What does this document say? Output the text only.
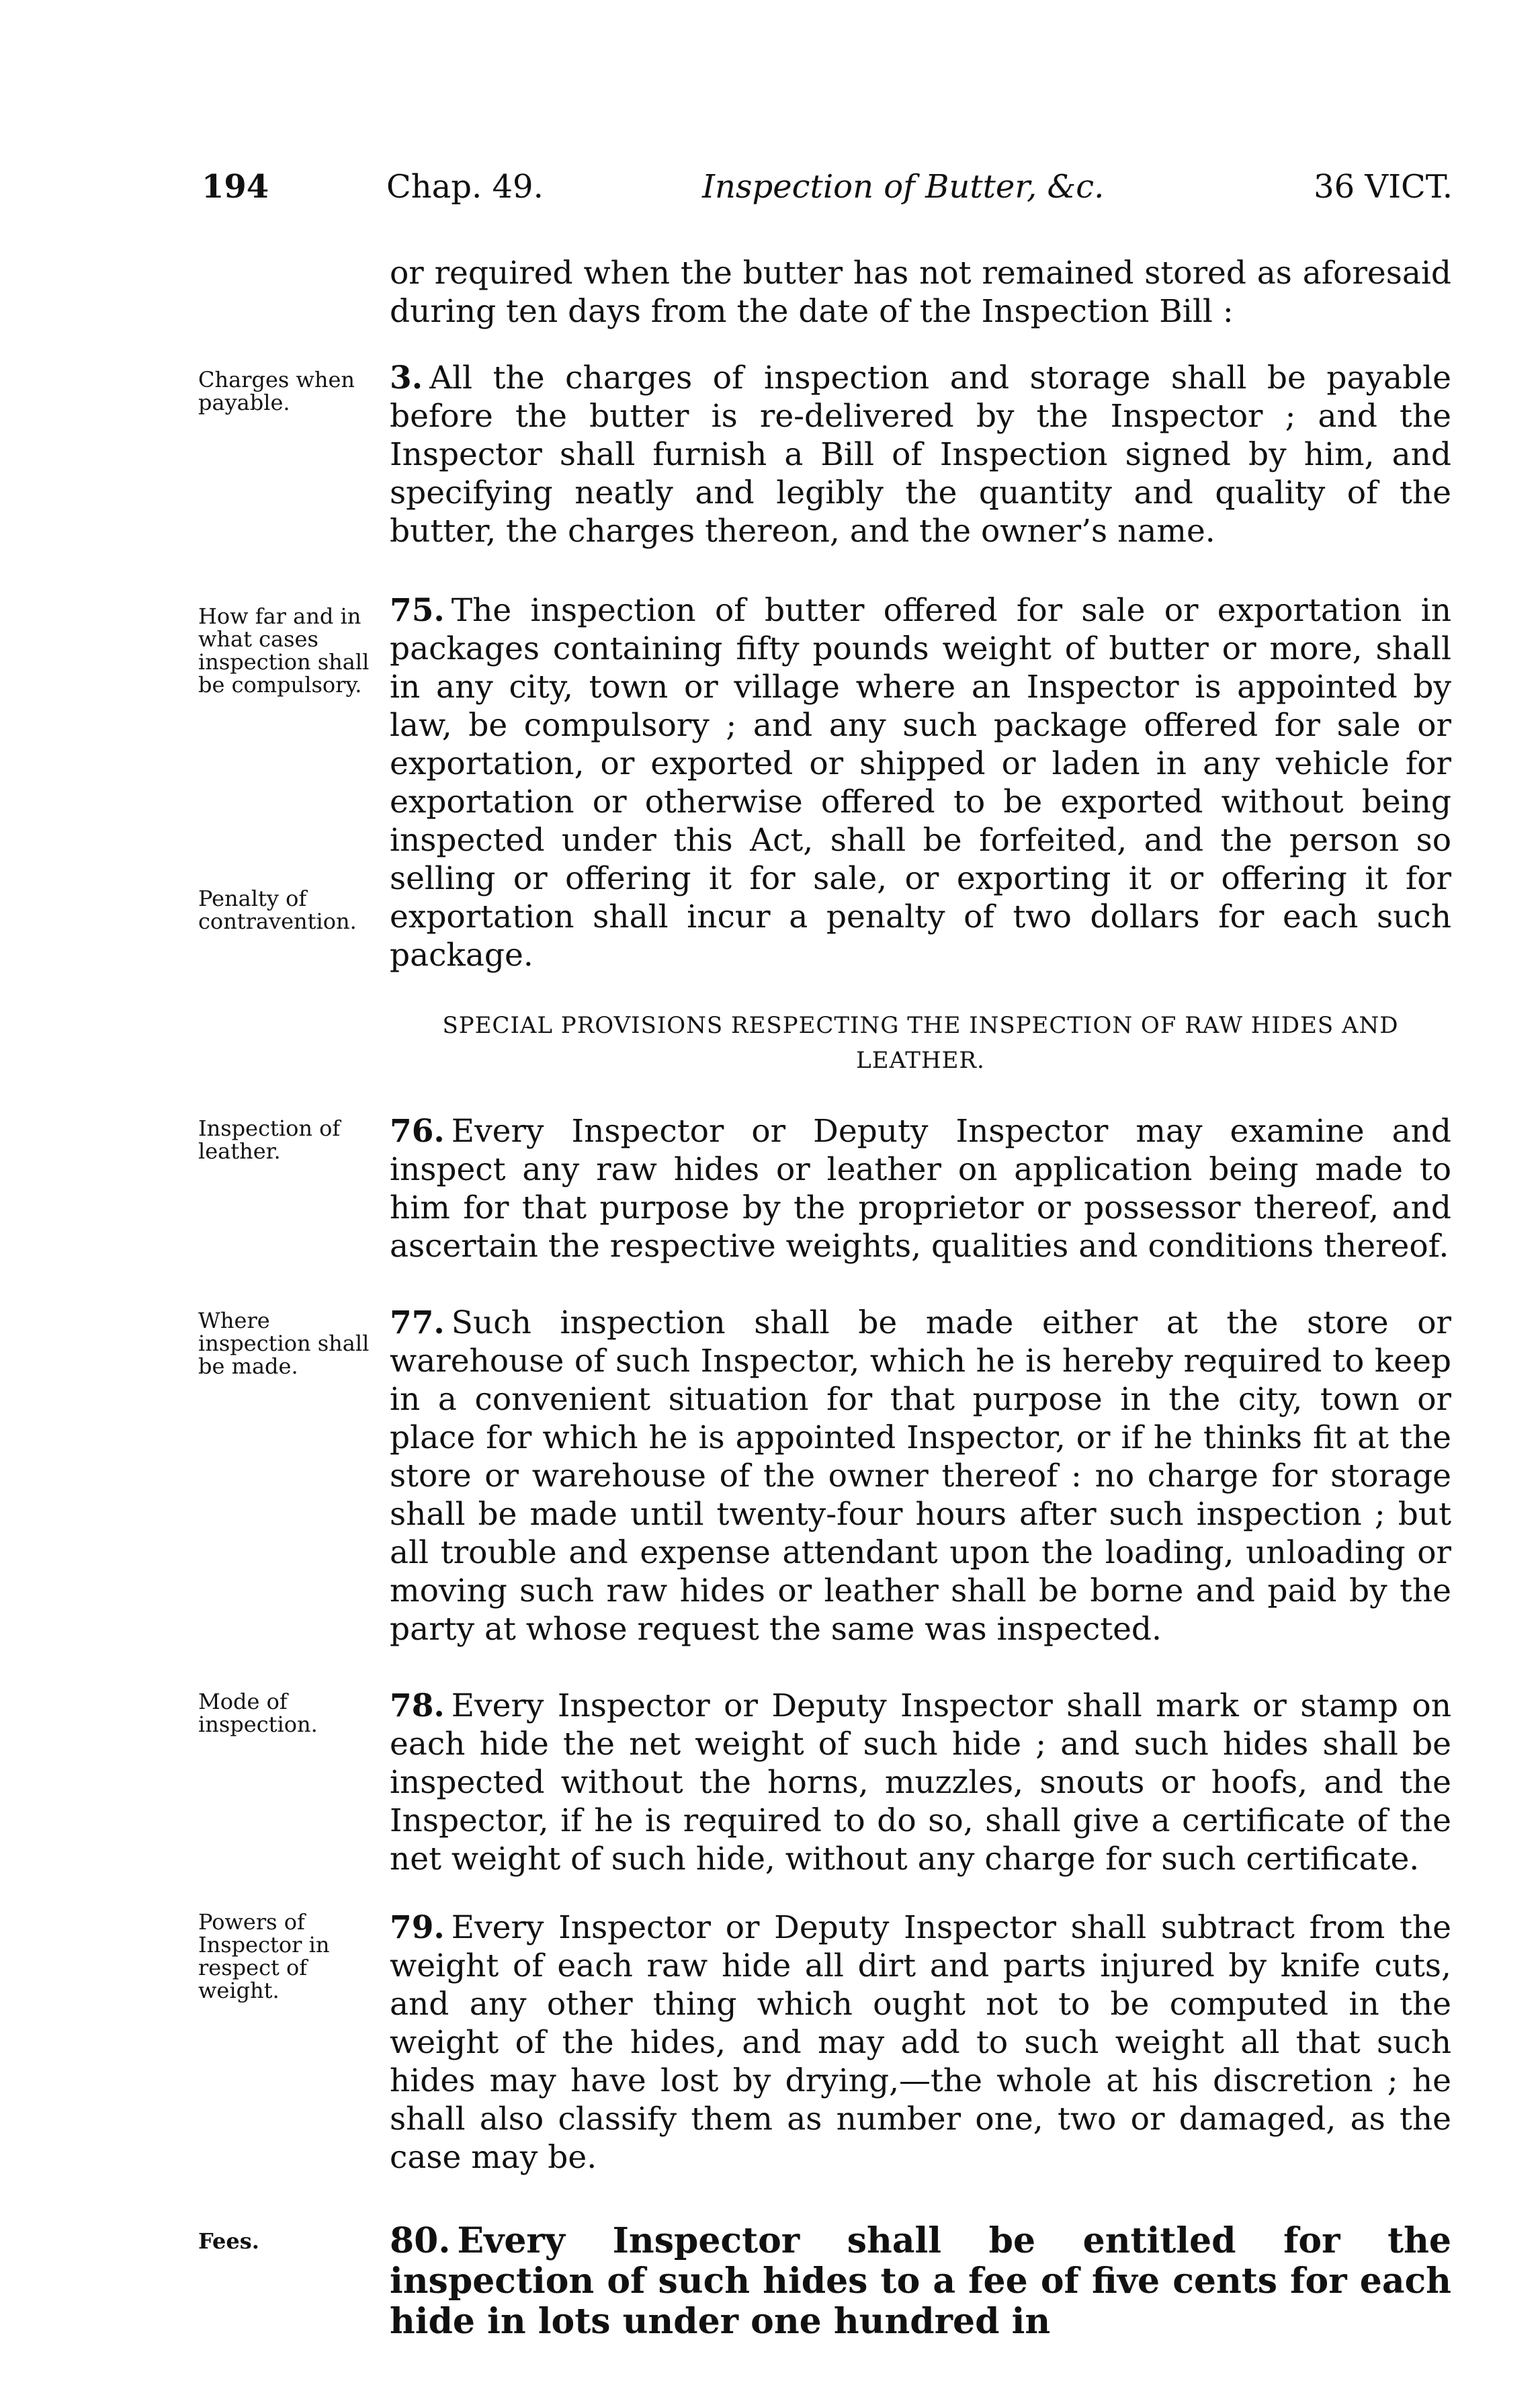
194	Chap. 49.	Inspection of Butter, &c.	36 VICT.
or required when the butter has not remained stored as aforesaid during ten days from the date of the Inspection Bill :
Charges when payable.
3. All the charges of inspection and storage shall be payable before the butter is re-delivered by the Inspector ; and the Inspector shall furnish a Bill of Inspection signed by him, and specifying neatly and legibly the quantity and quality of the butter, the charges thereon, and the owner’s name.
How far and in what cases inspection shall be compulsory.
75. The inspection of butter offered for sale or exportation in packages containing fifty pounds weight of butter or more, shall in any city, town or village where an Inspector is appointed by law, be compulsory ; and any such package offered for sale or exportation, or exported or shipped or laden in any vehicle for exportation or otherwise offered to be exported without being inspected under this Act, shall be forfeited, and the person so selling or offering it for sale, or exporting it or offering it for exportation shall incur a penalty of two dollars for each such package.
Penalty of contravention.
SPECIAL PROVISIONS RESPECTING THE INSPECTION OF RAW HIDES AND LEATHER.
Inspection of leather.
76. Every Inspector or Deputy Inspector may examine and inspect any raw hides or leather on application being made to him for that purpose by the proprietor or possessor thereof, and ascertain the respective weights, qualities and conditions thereof.
Where inspection shall be made.
77. Such inspection shall be made either at the store or warehouse of such Inspector, which he is hereby required to keep in a convenient situation for that purpose in the city, town or place for which he is appointed Inspector, or if he thinks fit at the store or warehouse of the owner thereof : no charge for storage shall be made until twenty-four hours after such inspection ; but all trouble and expense attendant upon the loading, unloading or moving such raw hides or leather shall be borne and paid by the party at whose request the same was inspected.
Mode of inspection.	78. Every Inspector or Deputy Inspector shall mark or stamp on each hide the net weight of such hide ; and such hides shall be inspected without the horns, muzzles, snouts or hoofs, and the Inspector, if he is required to do so, shall give a certificate of the net weight of such hide, without any charge for such certificate.
Powers of Inspector in respect of weight.
79. Every Inspector or Deputy Inspector shall subtract from the weight of each raw hide all dirt and parts injured by knife cuts, and any other thing which ought not to be computed in the weight of the hides, and may add to such weight all that such hides may have lost by drying,—the whole at his discretion ; he shall also classify them as number one, two or damaged, as the case may be.
Fees.	80. Every Inspector shall be entitled for the inspection of such hides to a fee of five cents for each hide in lots under one hundred in
